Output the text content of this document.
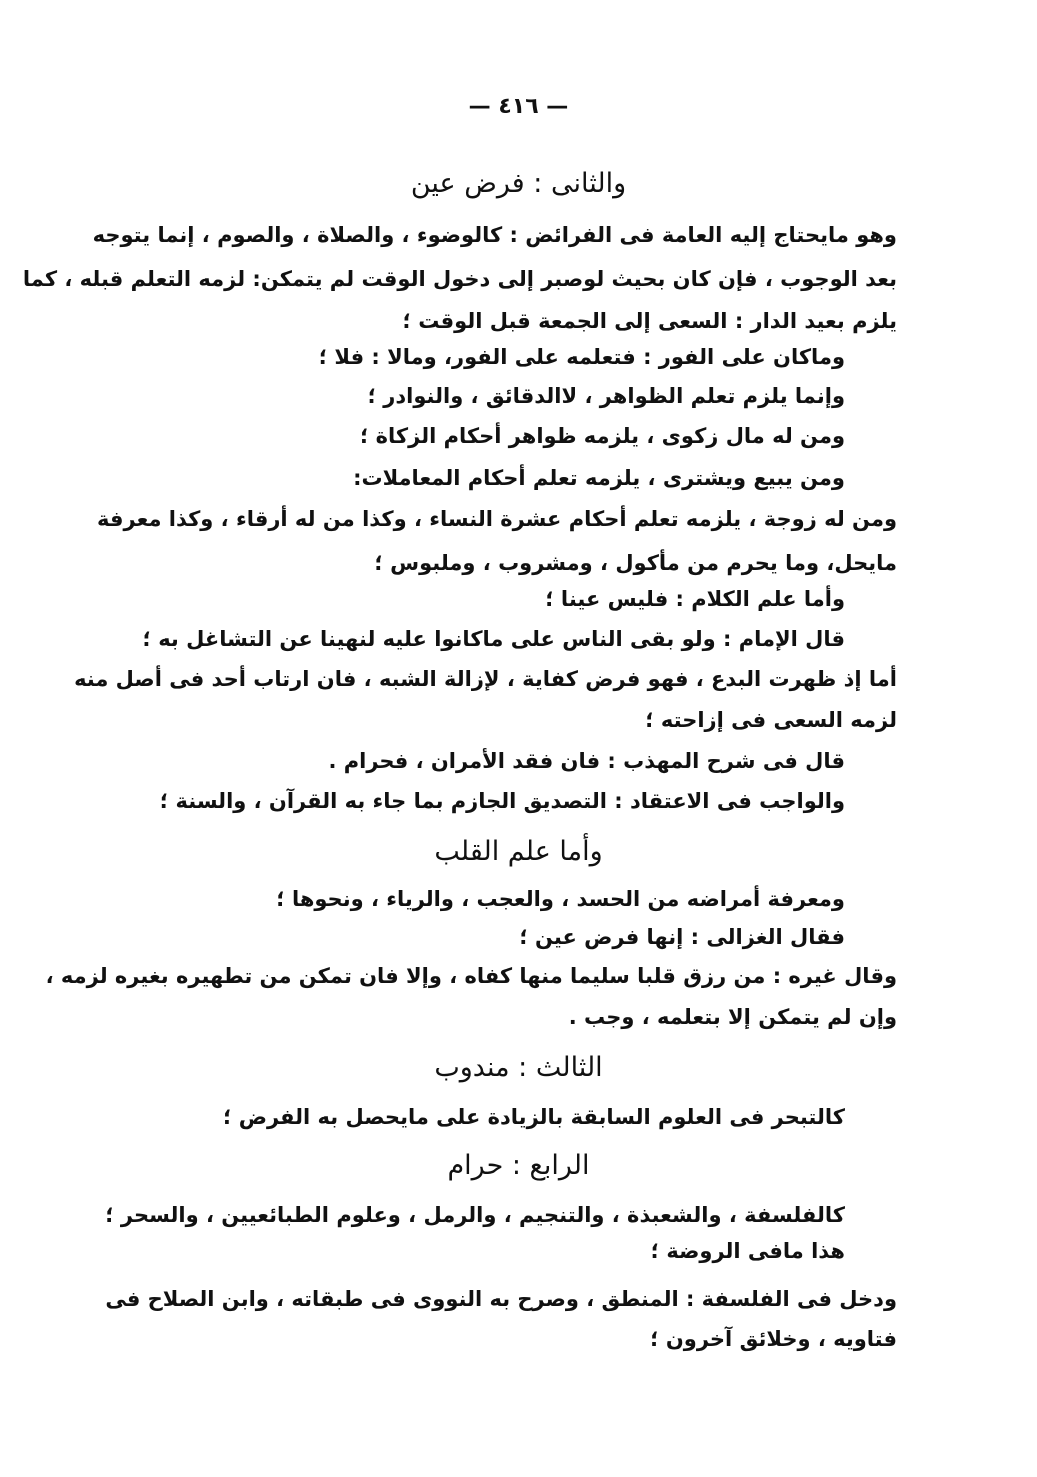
— ٤١٦ —
والثانى : فرض عين
وهو مايحتاج إليه العامة فى الفرائض : كالوضوء ، والصلاة ، والصوم ، إنما يتوجه
بعد الوجوب ، فإن كان بحيث لوصبر إلى دخول الوقت لم يتمكن: لزمه التعلم قبله ، كما
يلزم بعيد الدار : السعى إلى الجمعة قبل الوقت ؛
وماكان على الفور : فتعلمه على الفور، ومالا : فلا ؛
وإنما يلزم تعلم الظواهر ، لاالدقائق ، والنوادر ؛
ومن له مال زكوى ، يلزمه ظواهر أحكام الزكاة ؛
ومن يبيع ويشترى ، يلزمه تعلم أحكام المعاملات:
ومن له زوجة ، يلزمه تعلم أحكام عشرة النساء ، وكذا من له أرقاء ، وكذا معرفة
مايحل، وما يحرم من مأكول ، ومشروب ، وملبوس ؛
وأما علم الكلام : فليس عينا ؛
قال الإمام : ولو بقى الناس على ماكانوا عليه لنهينا عن التشاغل به ؛
أما إذ ظهرت البدع ، فهو فرض كفاية ، لإزالة الشبه ، فان ارتاب أحد فى أصل منه
لزمه السعى فى إزاحته ؛
قال فى شرح المهذب : فان فقد الأمران ، فحرام .
والواجب فى الاعتقاد : التصديق الجازم بما جاء به القرآن ، والسنة ؛
وأما علم القلب
ومعرفة أمراضه من الحسد ، والعجب ، والرياء ، ونحوها ؛
فقال الغزالى : إنها فرض عين ؛
وقال غيره : من رزق قلبا سليما منها كفاه ، وإلا فان تمكن من تطهيره بغيره لزمه ،
وإن لم يتمكن إلا بتعلمه ، وجب .
الثالث : مندوب
كالتبحر فى العلوم السابقة بالزيادة على مايحصل به الفرض ؛
الرابع : حرام
كالفلسفة ، والشعبذة ، والتنجيم ، والرمل ، وعلوم الطبائعيين ، والسحر ؛
هذا مافى الروضة ؛
ودخل فى الفلسفة : المنطق ، وصرح به النووى فى طبقاته ، وابن الصلاح فى
فتاويه ، وخلائق آخرون ؛
